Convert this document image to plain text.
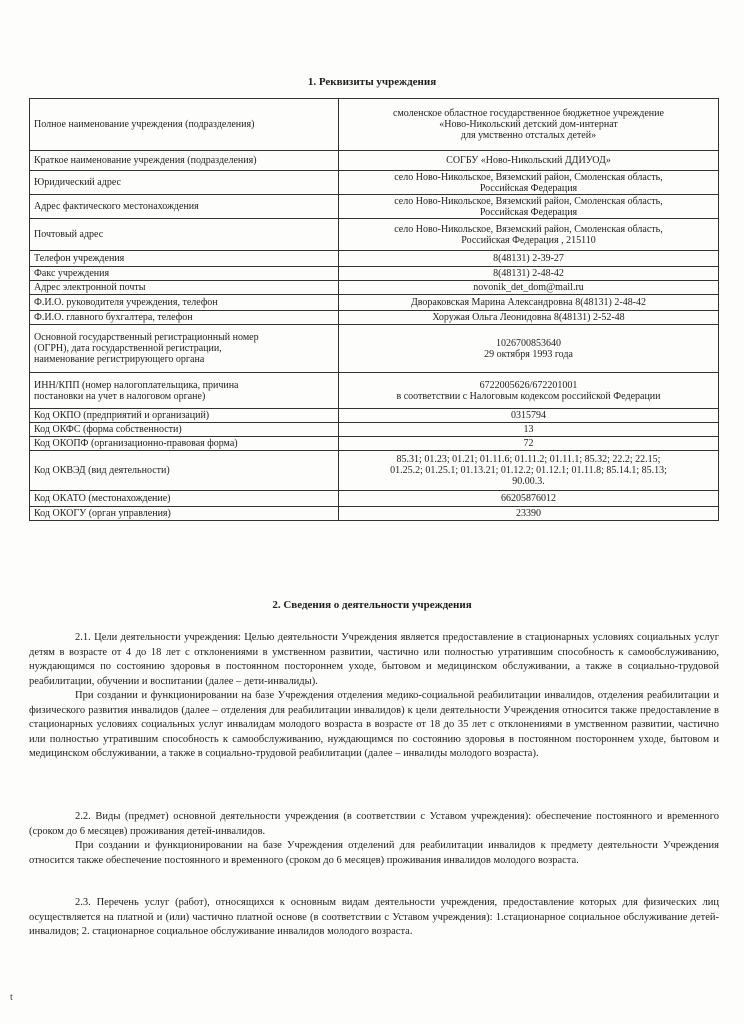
1. Реквизиты учреждения
Полное наименование учреждения (подразделения)	смоленское областное государственное бюджетное учреждение
«Ново-Никольский детский дом-интернат
для умственно отсталых детей»
Краткое наименование учреждения (подразделения)	СОГБУ «Ново-Никольский ДДИУОД»
Юридический адрес	село Ново-Никольское, Вяземский район, Смоленская область,
Российская Федерация
Адрес фактического местонахождения	село Ново-Никольское, Вяземский район, Смоленская область,
Российская Федерация
Почтовый адрес	село Ново-Никольское, Вяземский район, Смоленская область,
Российская Федерация , 215110
Телефон учреждения	8(48131) 2-39-27
Факс учреждения	8(48131) 2-48-42
Адрес электронной почты	novonik_det_dom@mail.ru
Ф.И.О. руководителя учреждения, телефон	Двораковская Марина Александровна 8(48131) 2-48-42
Ф.И.О. главного бухгалтера, телефон	Хоружая Ольга Леонидовна 8(48131) 2-52-48
Основной государственный регистрационный номер
(ОГРН), дата государственной регистрации,
наименование регистрирующего органа	1026700853640
29 октября 1993 года
ИНН/КПП (номер налогоплательщика, причина
постановки на учет в налоговом органе)	6722005626/672201001
в соответствии с Налоговым кодексом российской Федерации
Код ОКПО (предприятий и организаций)	0315794
Код ОКФС (форма собственности)	13
Код ОКОПФ (организационно-правовая форма)	72
Код ОКВЭД (вид деятельности)	85.31; 01.23; 01.21; 01.11.6; 01.11.2; 01.11.1; 85.32; 22.2; 22.15;
01.25.2; 01.25.1; 01.13.21; 01.12.2; 01.12.1; 01.11.8; 85.14.1; 85.13;
90.00.3.
Код ОКАТО (местонахождение)	66205876012
Код ОКОГУ (орган управления)	23390
2. Сведения о деятельности учреждения

2.1. Цели деятельности учреждения: Целью деятельности Учреждения является предоставление в стационарных условиях социальных услуг детям в возрасте от 4 до 18 лет с отклонениями в умственном развитии, частично или полностью утратившим способность к самообслуживанию, нуждающимся по состоянию здоровья в постоянном постороннем уходе, бытовом и медицинском обслуживании, а также в социально-трудовой реабилитации, обучении и воспитании (далее – дети-инвалиды).

При создании и функционировании на базе Учреждения отделения медико-социальной реабилитации инвалидов, отделения реабилитации и физического развития инвалидов (далее – отделения для реабилитации инвалидов) к цели деятельности Учреждения относится также предоставление в стационарных условиях социальных услуг инвалидам молодого возраста в возрасте от 18 до 35 лет с отклонениями в умственном развитии, частично или полностью утратившим способность к самообслуживанию, нуждающимся по состоянию здоровья в постоянном постороннем уходе, бытовом и медицинском обслуживании, а также в социально-трудовой реабилитации (далее – инвалиды молодого возраста).

2.2. Виды (предмет) основной деятельности учреждения (в соответствии с Уставом учреждения): обеспечение постоянного и временного (сроком до 6 месяцев) проживания детей-инвалидов.

При создании и функционировании на базе Учреждения отделений для реабилитации инвалидов к предмету деятельности Учреждения относится также обеспечение постоянного и временного (сроком до 6 месяцев) проживания инвалидов молодого возраста.

2.3. Перечень услуг (работ), относящихся к основным видам деятельности учреждения, предоставление которых для физических лиц осуществляется на платной и (или) частично платной основе (в соответствии с Уставом учреждения): 1.стационарное социальное обслуживание детей-инвалидов; 2. стационарное социальное обслуживание инвалидов молодого возраста.

t
